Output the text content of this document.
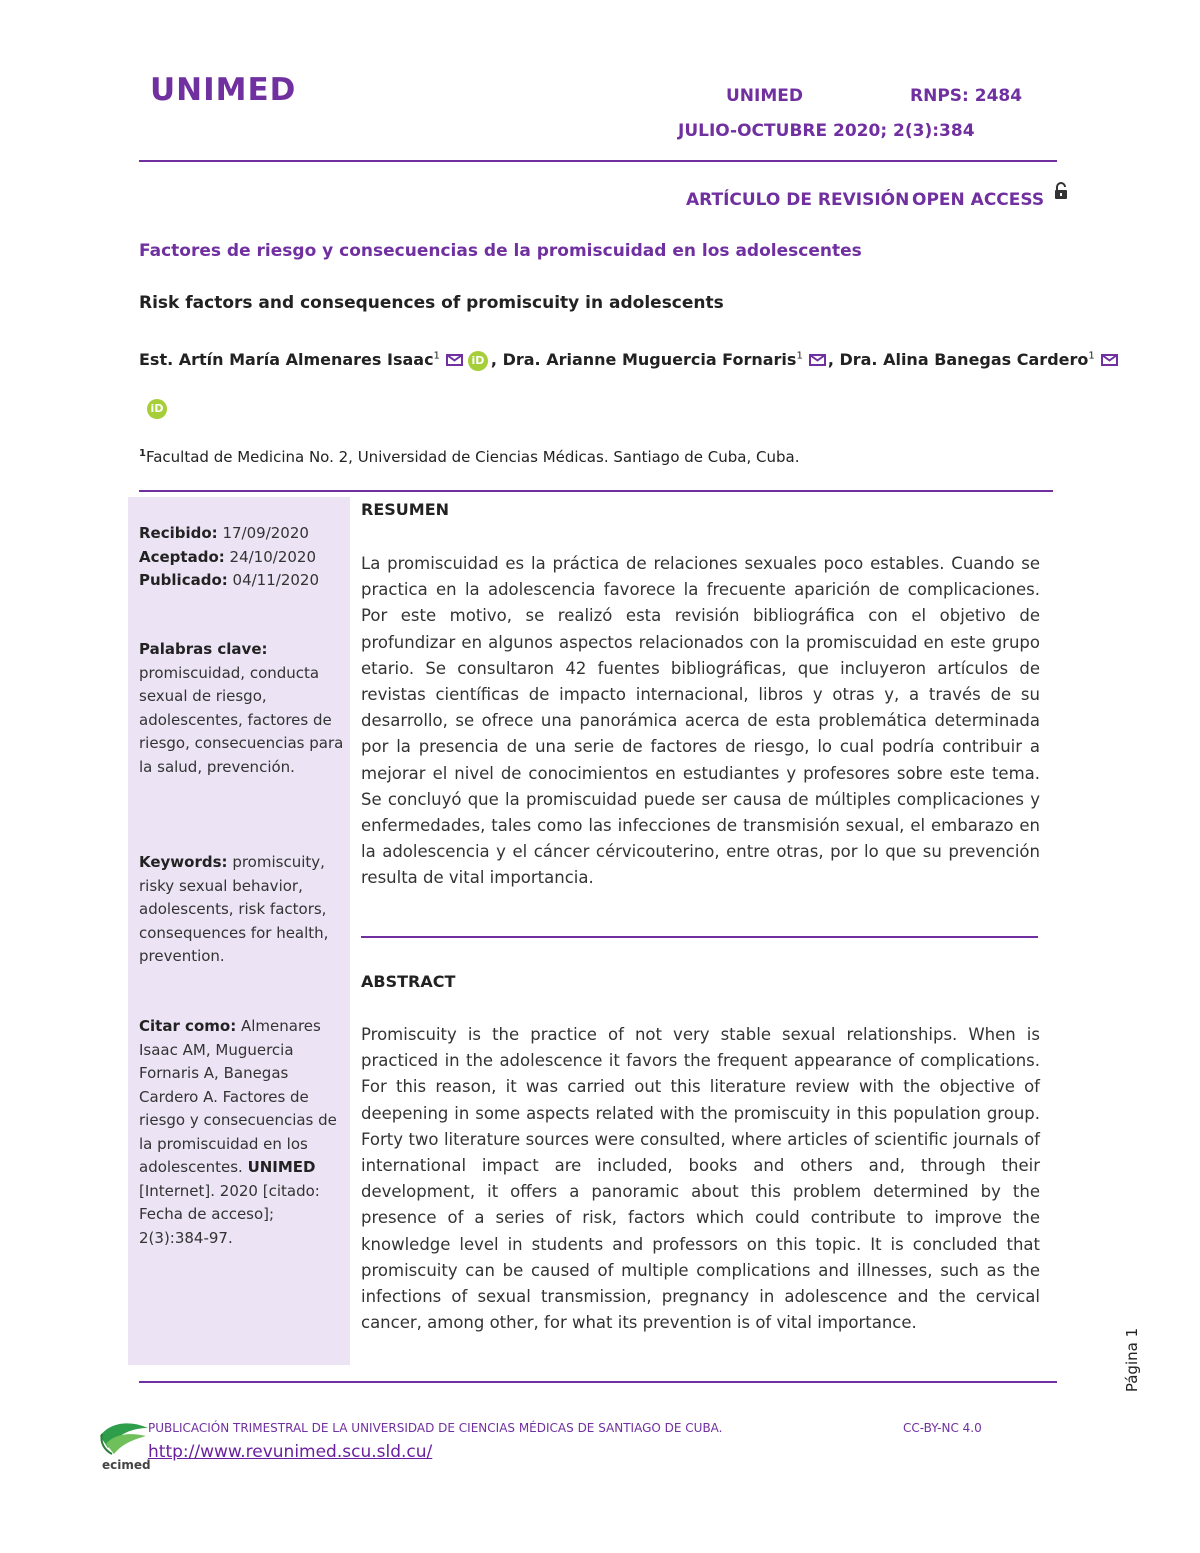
UNIMED	UNIMED	RNPS: 2484
JULIO-OCTUBRE 2020; 2(3):384
ARTÍCULO DE REVISIÓN OPEN ACCESS
Factores de riesgo y consecuencias de la promiscuidad en los adolescentes
Risk factors and consequences of promiscuity in adolescents
Est. Artín María Almenares Isaac$^1$	iD , Dra. Arianne Muguercia Fornaris$^1$ , Dra. Alina Banegas Cardero$^1$
iD
$^1$Facultad de Medicina No. 2, Universidad de Ciencias Médicas. Santiago de Cuba, Cuba.
Recibido: 17/09/2020
Aceptado: 24/10/2020
Publicado: 04/11/2020
Palabras clave:
promiscuidad, conducta sexual de riesgo, adolescentes, factores de riesgo, consecuencias para la salud, prevención.
Keywords: promiscuity, risky sexual behavior, adolescents, risk factors, consequences for health, prevention.
Citar como: Almenares Isaac AM, Muguercia Fornaris A, Banegas Cardero A. Factores de riesgo y consecuencias de la promiscuidad en los adolescentes. UNIMED [Internet]. 2020 [citado: Fecha de acceso]; 2(3):384-97.
RESUMEN
La promiscuidad es la práctica de relaciones sexuales poco estables. Cuando se practica en la adolescencia favorece la frecuente aparición de complicaciones. Por este motivo, se realizó esta revisión bibliográfica con el objetivo de profundizar en algunos aspectos relacionados con la promiscuidad en este grupo etario. Se consultaron 42 fuentes bibliográficas, que incluyeron artículos de revistas científicas de impacto internacional, libros y otras y, a través de su desarrollo, se ofrece una panorámica acerca de esta problemática determinada por la presencia de una serie de factores de riesgo, lo cual podría contribuir a mejorar el nivel de conocimientos en estudiantes y profesores sobre este tema. Se concluyó que la promiscuidad puede ser causa de múltiples complicaciones y enfermedades, tales como las infecciones de transmisión sexual, el embarazo en la adolescencia y el cáncer cérvicouterino, entre otras, por lo que su prevención resulta de vital importancia.
ABSTRACT
Promiscuity is the practice of not very stable sexual relationships. When is practiced in the adolescence it favors the frequent appearance of complications. For this reason, it was carried out this literature review with the objective of deepening in some aspects related with the promiscuity in this population group. Forty two literature sources were consulted, where articles of scientific journals of international impact are included, books and others and, through their development, it offers a panoramic about this problem determined by the presence of a series of risk, factors which could contribute to improve the knowledge level in students and professors on this topic. It is concluded that promiscuity can be caused of multiple complications and illnesses, such as the infections of sexual transmission, pregnancy in adolescence and the cervical cancer, among other, for what its prevention is of vital importance.
Página 1
ecimed
PUBLICACIÓN TRIMESTRAL DE LA UNIVERSIDAD DE CIENCIAS MÉDICAS DE SANTIAGO DE CUBA.	CC-BY-NC 4.0
http://www.revunimed.scu.sld.cu/
